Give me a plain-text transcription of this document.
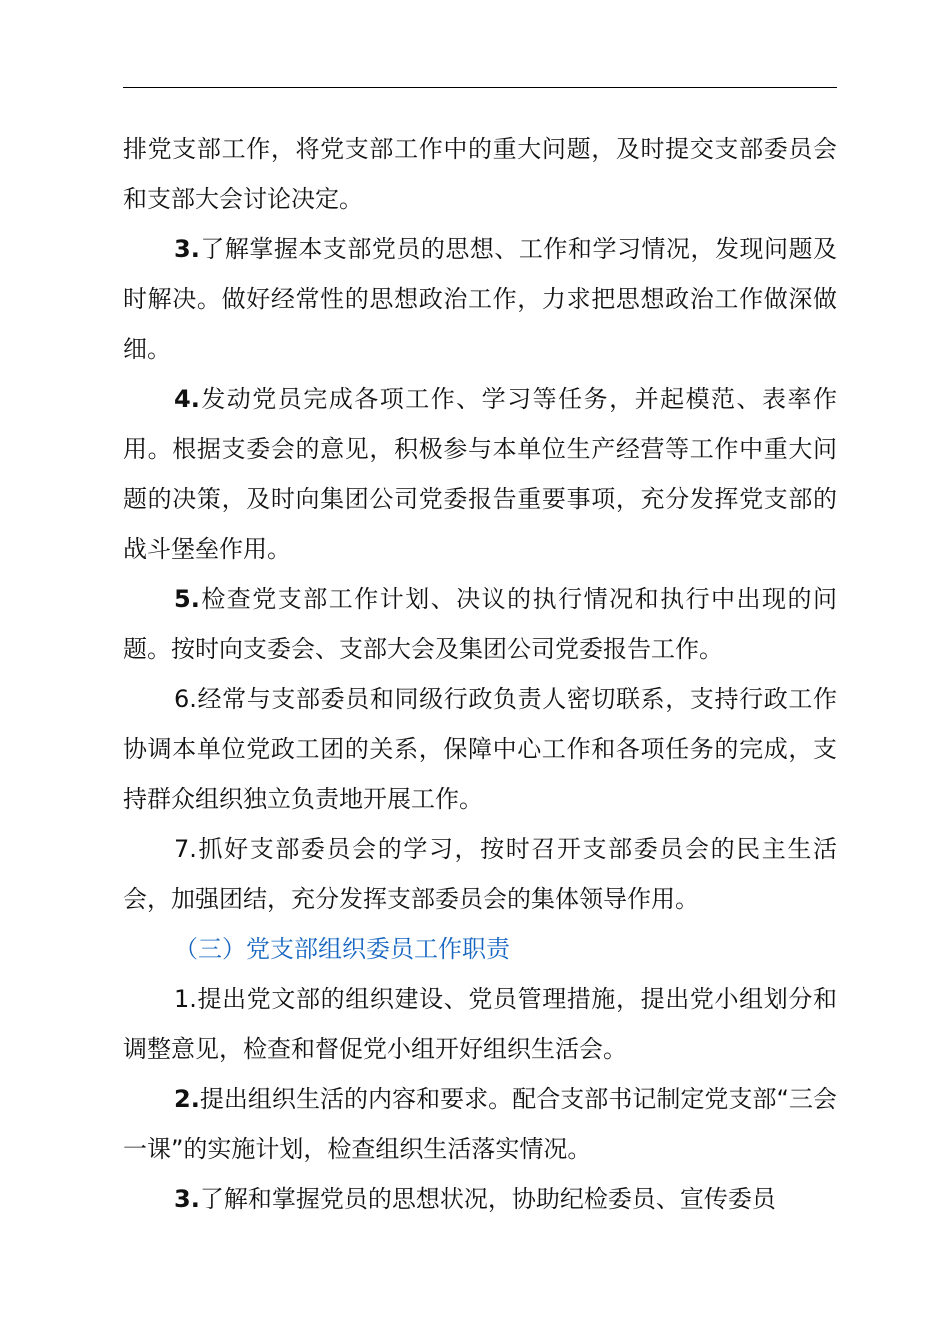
排党支部工作，将党支部工作中的重大问题，及时提交支部委员会和支部大会讨论决定。

3.了解掌握本支部党员的思想、工作和学习情况，发现问题及时解决。做好经常性的思想政治工作，力求把思想政治工作做深做细。

4.发动党员完成各项工作、学习等任务，并起模范、表率作用。根据支委会的意见，积极参与本单位生产经营等工作中重大问题的决策，及时向集团公司党委报告重要事项，充分发挥党支部的战斗堡垒作用。

5.检查党支部工作计划、决议的执行情况和执行中出现的问题。按时向支委会、支部大会及集团公司党委报告工作。

6.经常与支部委员和同级行政负责人密切联系，支持行政工作协调本单位党政工团的关系，保障中心工作和各项任务的完成，支持群众组织独立负责地开展工作。

7.抓好支部委员会的学习，按时召开支部委员会的民主生活会，加强团结，充分发挥支部委员会的集体领导作用。

（三）党支部组织委员工作职责

1.提出党文部的组织建设、党员管理措施，提出党小组划分和调整意见，检查和督促党小组开好组织生活会。

2.提出组织生活的内容和要求。配合支部书记制定党支部“三会一课”的实施计划，检查组织生活落实情况。

3.了解和掌握党员的思想状况，协助纪检委员、宣传委员
